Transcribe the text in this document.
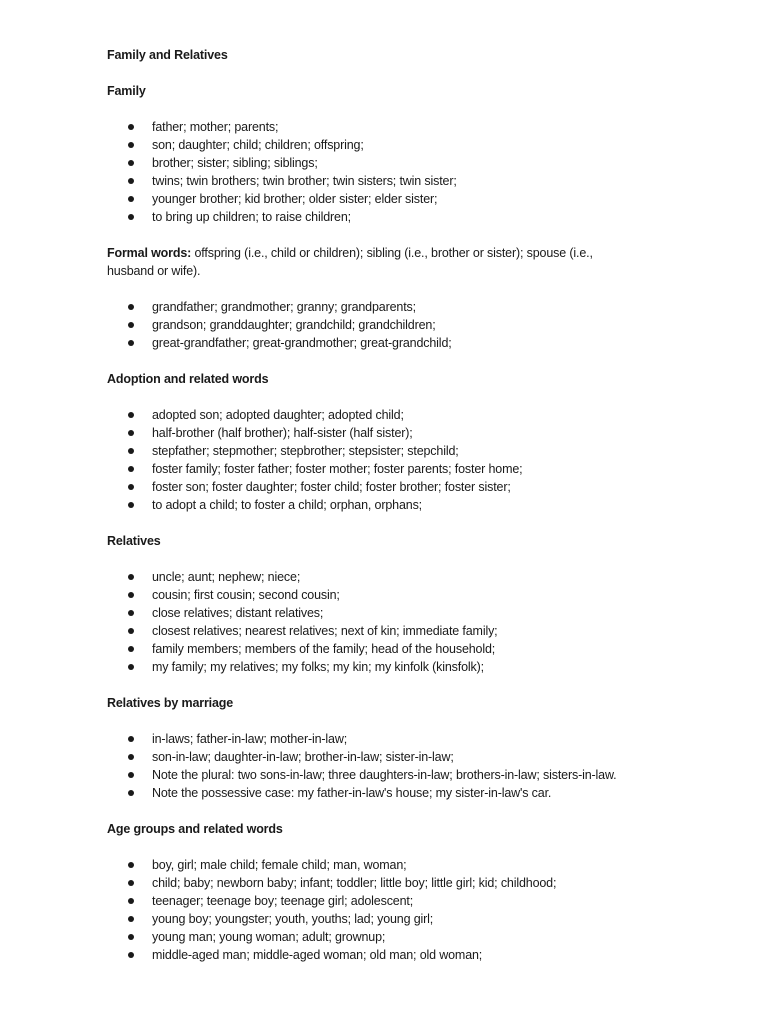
Family and Relatives
Family
father; mother; parents;
son; daughter; child; children; offspring;
brother; sister; sibling; siblings;
twins; twin brothers; twin brother; twin sisters; twin sister;
younger brother; kid brother; older sister; elder sister;
to bring up children; to raise children;

Formal words: offspring (i.e., child or children); sibling (i.e., brother or sister); spouse (i.e., husband or wife).

grandfather; grandmother; granny; grandparents;
grandson; granddaughter; grandchild; grandchildren;
great-grandfather; great-grandmother; great-grandchild;
Adoption and related words
adopted son; adopted daughter; adopted child;
half-brother (half brother); half-sister (half sister);
stepfather; stepmother; stepbrother; stepsister; stepchild;
foster family; foster father; foster mother; foster parents; foster home;
foster son; foster daughter; foster child; foster brother; foster sister;
to adopt a child; to foster a child; orphan, orphans;
Relatives
uncle; aunt; nephew; niece;
cousin; first cousin; second cousin;
close relatives; distant relatives;
closest relatives; nearest relatives; next of kin; immediate family;
family members; members of the family; head of the household;
my family; my relatives; my folks; my kin; my kinfolk (kinsfolk);
Relatives by marriage
in-laws; father-in-law; mother-in-law;
son-in-law; daughter-in-law; brother-in-law; sister-in-law;
Note the plural: two sons-in-law; three daughters-in-law; brothers-in-law; sisters-in-law.
Note the possessive case: my father-in-law's house; my sister-in-law's car.
Age groups and related words
boy, girl; male child; female child; man, woman;
child; baby; newborn baby; infant; toddler; little boy; little girl; kid; childhood;
teenager; teenage boy; teenage girl; adolescent;
young boy; youngster; youth, youths; lad; young girl;
young man; young woman; adult; grownup;
middle-aged man; middle-aged woman; old man; old woman;
